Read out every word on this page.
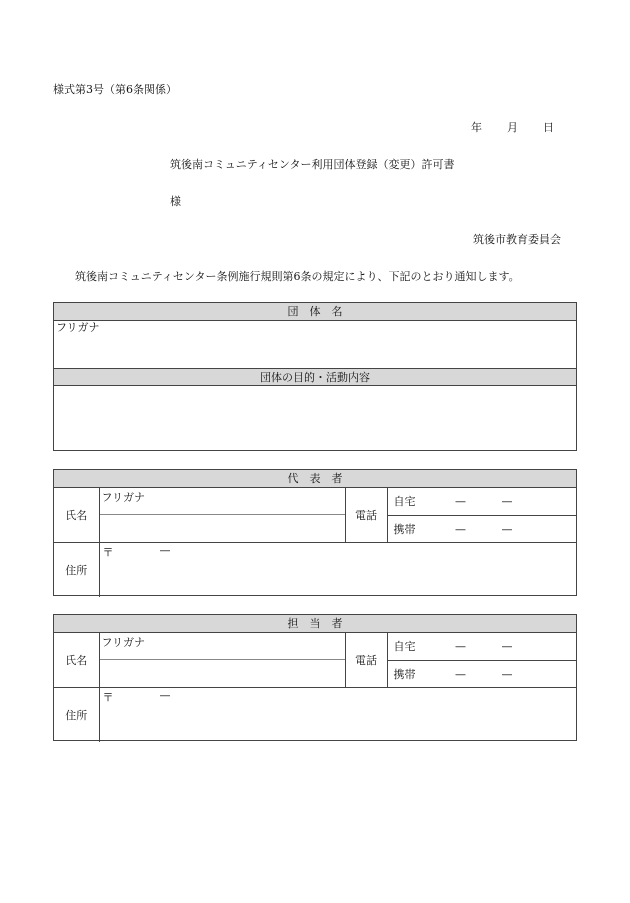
様式第3号（第6条関係）
年 月 日
筑後南コミュニティセンター利用団体登録（変更）許可書
様
筑後市教育委員会
筑後南コミュニティセンター条例施行規則第6条の規定により、下記のとおり通知します。
団　体　名
フリガナ
団体の目的・活動内容
代　表　者
氏名	フリガナ	電話	自宅 — —
			携帯 — —
住所	〒 —		
担　当　者
氏名	フリガナ	電話	自宅 — —
			携帯 — —
住所	〒 —		
